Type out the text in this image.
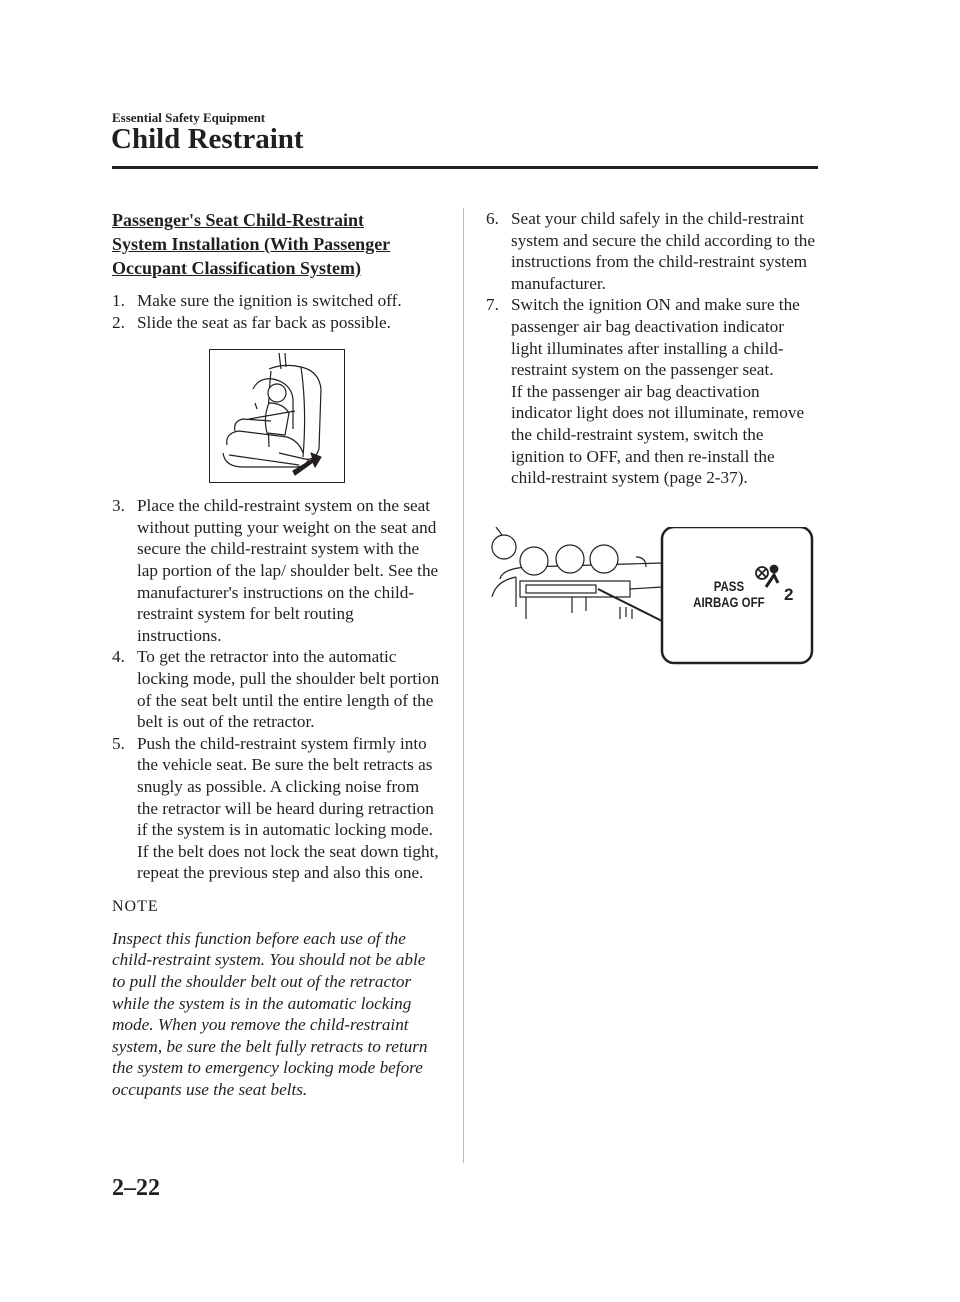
Essential Safety Equipment
Child Restraint
Passenger's Seat Child-Restraint
System Installation (With Passenger
Occupant Classification System)
1. Make sure the ignition is switched off.
2. Slide the seat as far back as possible.
3. Place the child-restraint system on the seat without putting your weight on the seat and secure the child-restraint system with the lap portion of the lap/ shoulder belt. See the manufacturer's instructions on the child-restraint system for belt routing instructions.
4. To get the retractor into the automatic locking mode, pull the shoulder belt portion of the seat belt until the entire length of the belt is out of the retractor.
5. Push the child-restraint system firmly into the vehicle seat. Be sure the belt retracts as snugly as possible. A clicking noise from the retractor will be heard during retraction if the system is in automatic locking mode. If the belt does not lock the seat down tight, repeat the previous step and also this one.
NOTE
Inspect this function before each use of the child-restraint system. You should not be able to pull the shoulder belt out of the retractor while the system is in the automatic locking mode. When you remove the child-restraint system, be sure the belt fully retracts to return the system to emergency locking mode before occupants use the seat belts.
6. Seat your child safely in the child-restraint system and secure the child according to the instructions from the child-restraint system manufacturer.
7. Switch the ignition ON and make sure the passenger air bag deactivation indicator light illuminates after installing a child-restraint system on the passenger seat.
If the passenger air bag deactivation indicator light does not illuminate, remove the child-restraint system, switch the ignition to OFF, and then re-install the child-restraint system (page 2-37).
PASS
AIRBAG OFF 2
2–22
